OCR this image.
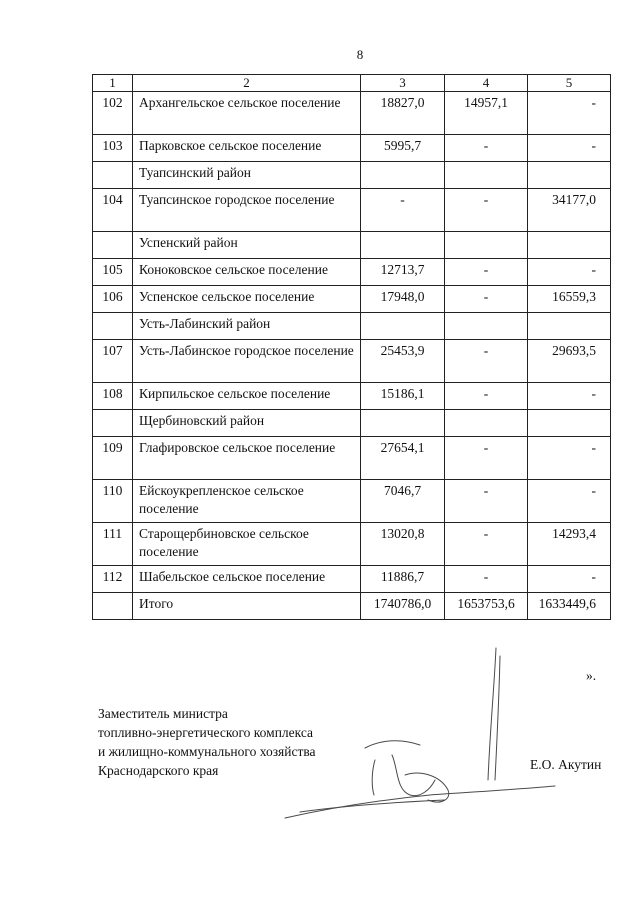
8
1	2	3	4	5
102	Архангельское сельское поселение	18827,0	14957,1	-
103	Парковское сельское поселение	5995,7	-	-
	Туапсинский район			
104	Туапсинское городское поселение	-	-	34177,0
	Успенский район			
105	Коноковское сельское поселение	12713,7	-	-
106	Успенское сельское поселение	17948,0	-	16559,3
	Усть-Лабинский район			
107	Усть-Лабинское городское поселение	25453,9	-	29693,5
108	Кирпильское сельское поселение	15186,1	-	-
	Щербиновский район			
109	Глафировское сельское поселение	27654,1	-	-
110	Ейскоукрепленское сельское поселение	7046,7	-	-
111	Старощербиновское сельское поселение	13020,8	-	14293,4
112	Шабельское сельское поселение	11886,7	-	-
	Итого	1740786,0	1653753,6	1633449,6
».
Заместитель министра
топливно-энергетического комплекса
и жилищно-коммунального хозяйства
Краснодарского края	Е.О. Акутин
